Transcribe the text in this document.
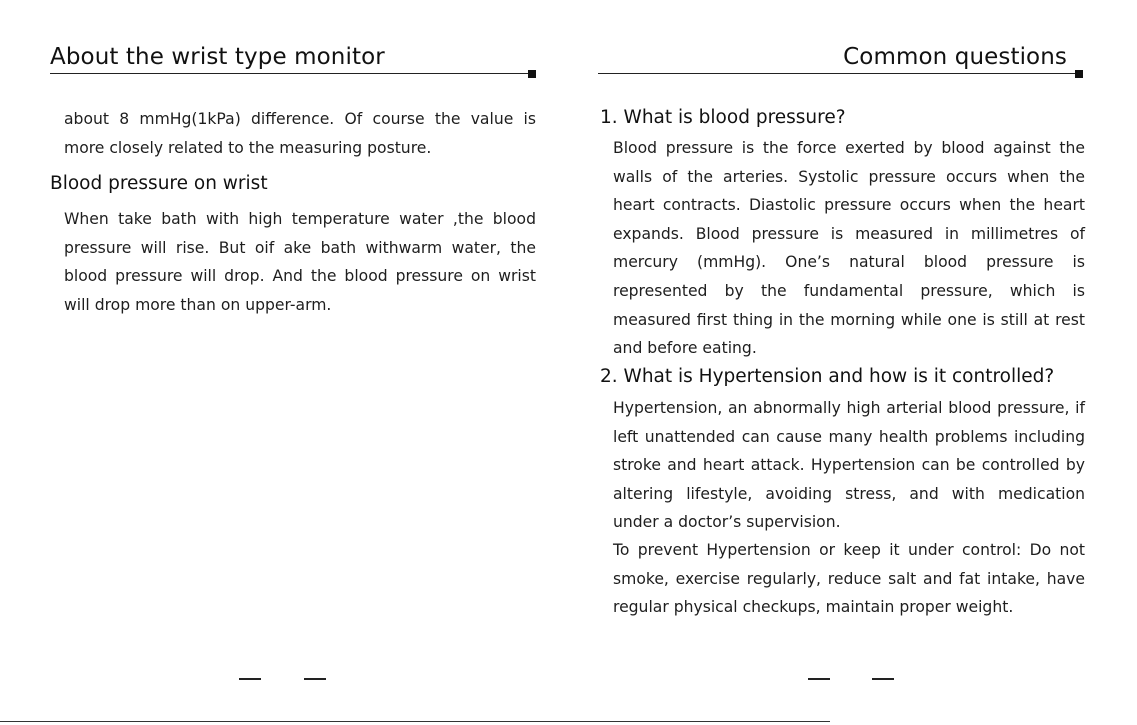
About the wrist type monitor
about 8 mmHg(1kPa) difference. Of course the value is more closely related to the measuring posture.
Blood pressure on wrist
When take bath with high temperature water ,the blood pressure will rise. But oif ake bath withwarm water, the blood pressure will drop. And the blood pressure on wrist will drop more than on upper-arm.
Common questions
1. What is blood pressure?
Blood pressure is the force exerted by blood against the walls of the arteries. Systolic pressure occurs when the heart contracts. Diastolic pressure occurs when the heart expands. Blood pressure is measured in millimetres of mercury (mmHg). One’s natural blood pressure is represented by the fundamental pressure, which is measured first thing in the morning while one is still at rest and before eating.
2. What is Hypertension and how is it controlled?
Hypertension, an abnormally high arterial blood pressure, if left unattended can cause many health problems including stroke and heart attack. Hypertension can be controlled by altering lifestyle, avoiding stress, and with medication under a doctor’s supervision.
To prevent Hypertension or keep it under control: Do not smoke, exercise regularly, reduce salt and fat intake, have regular physical checkups, maintain proper weight.
